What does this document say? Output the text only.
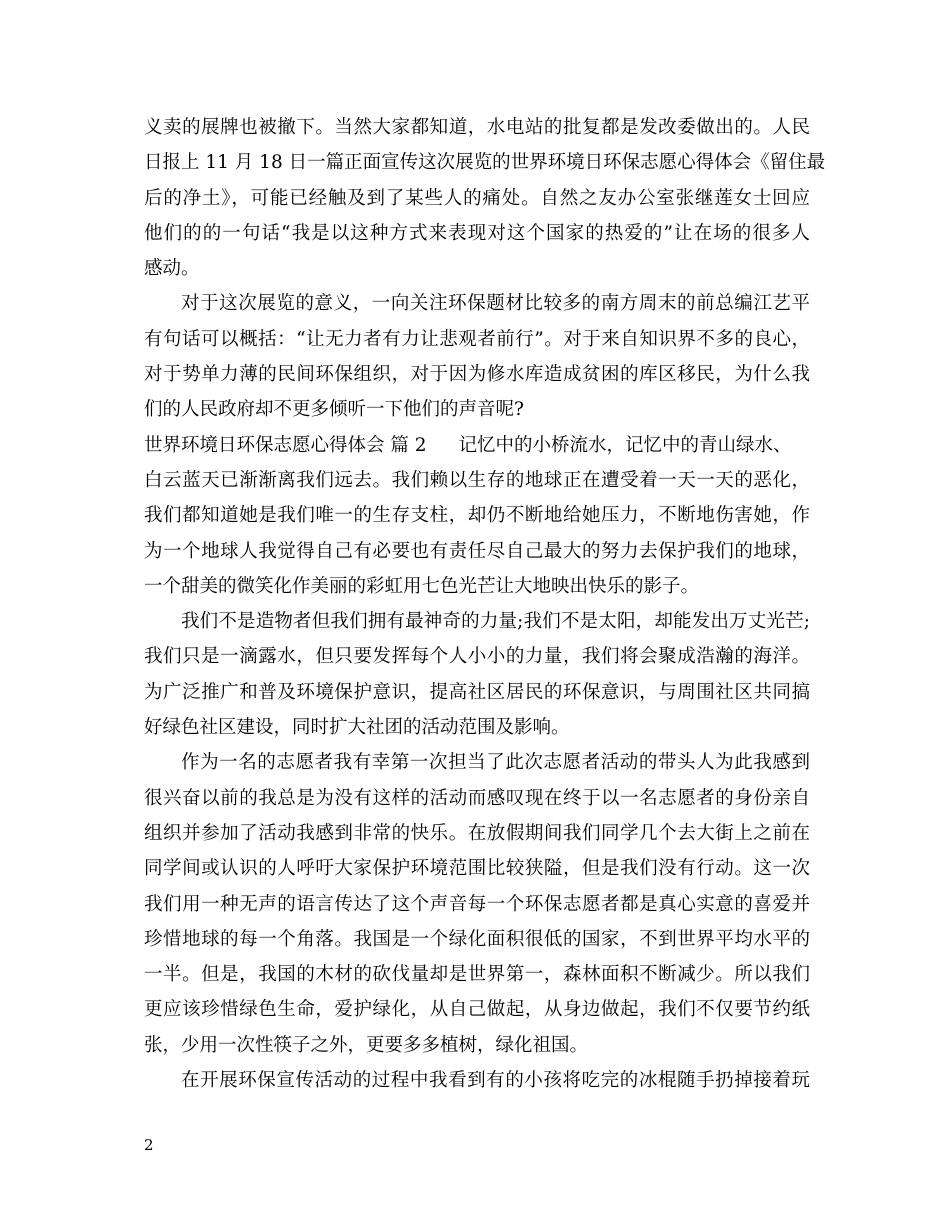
义卖的展牌也被撤下。当然大家都知道，水电站的批复都是发改委做出的。人民
日报上 11 月 18 日一篇正面宣传这次展览的世界环境日环保志愿心得体会《留住最
后的净土》，可能已经触及到了某些人的痛处。自然之友办公室张继莲女士回应
他们的的一句话“我是以这种方式来表现对这个国家的热爱的”让在场的很多人
感动。
对于这次展览的意义，一向关注环保题材比较多的南方周末的前总编江艺平
有句话可以概括：“让无力者有力让悲观者前行”。对于来自知识界不多的良心，
对于势单力薄的民间环保组织，对于因为修水库造成贫困的库区移民，为什么我
们的人民政府却不更多倾听一下他们的声音呢?
世界环境日环保志愿心得体会 篇 2 记忆中的小桥流水，记忆中的青山绿水、
白云蓝天已渐渐离我们远去。我们赖以生存的地球正在遭受着一天一天的恶化，
我们都知道她是我们唯一的生存支柱，却仍不断地给她压力，不断地伤害她，作
为一个地球人我觉得自己有必要也有责任尽自己最大的努力去保护我们的地球，
一个甜美的微笑化作美丽的彩虹用七色光芒让大地映出快乐的影子。
我们不是造物者但我们拥有最神奇的力量;我们不是太阳，却能发出万丈光芒;
我们只是一滴露水，但只要发挥每个人小小的力量，我们将会聚成浩瀚的海洋。
为广泛推广和普及环境保护意识，提高社区居民的环保意识，与周围社区共同搞
好绿色社区建设，同时扩大社团的活动范围及影响。
作为一名的志愿者我有幸第一次担当了此次志愿者活动的带头人为此我感到
很兴奋以前的我总是为没有这样的活动而感叹现在终于以一名志愿者的身份亲自
组织并参加了活动我感到非常的快乐。在放假期间我们同学几个去大街上之前在
同学间或认识的人呼吁大家保护环境范围比较狭隘，但是我们没有行动。这一次
我们用一种无声的语言传达了这个声音每一个环保志愿者都是真心实意的喜爱并
珍惜地球的每一个角落。我国是一个绿化面积很低的国家，不到世界平均水平的
一半。但是，我国的木材的砍伐量却是世界第一，森林面积不断减少。所以我们
更应该珍惜绿色生命，爱护绿化，从自己做起，从身边做起，我们不仅要节约纸
张，少用一次性筷子之外，更要多多植树，绿化祖国。
在开展环保宣传活动的过程中我看到有的小孩将吃完的冰棍随手扔掉接着玩
2
